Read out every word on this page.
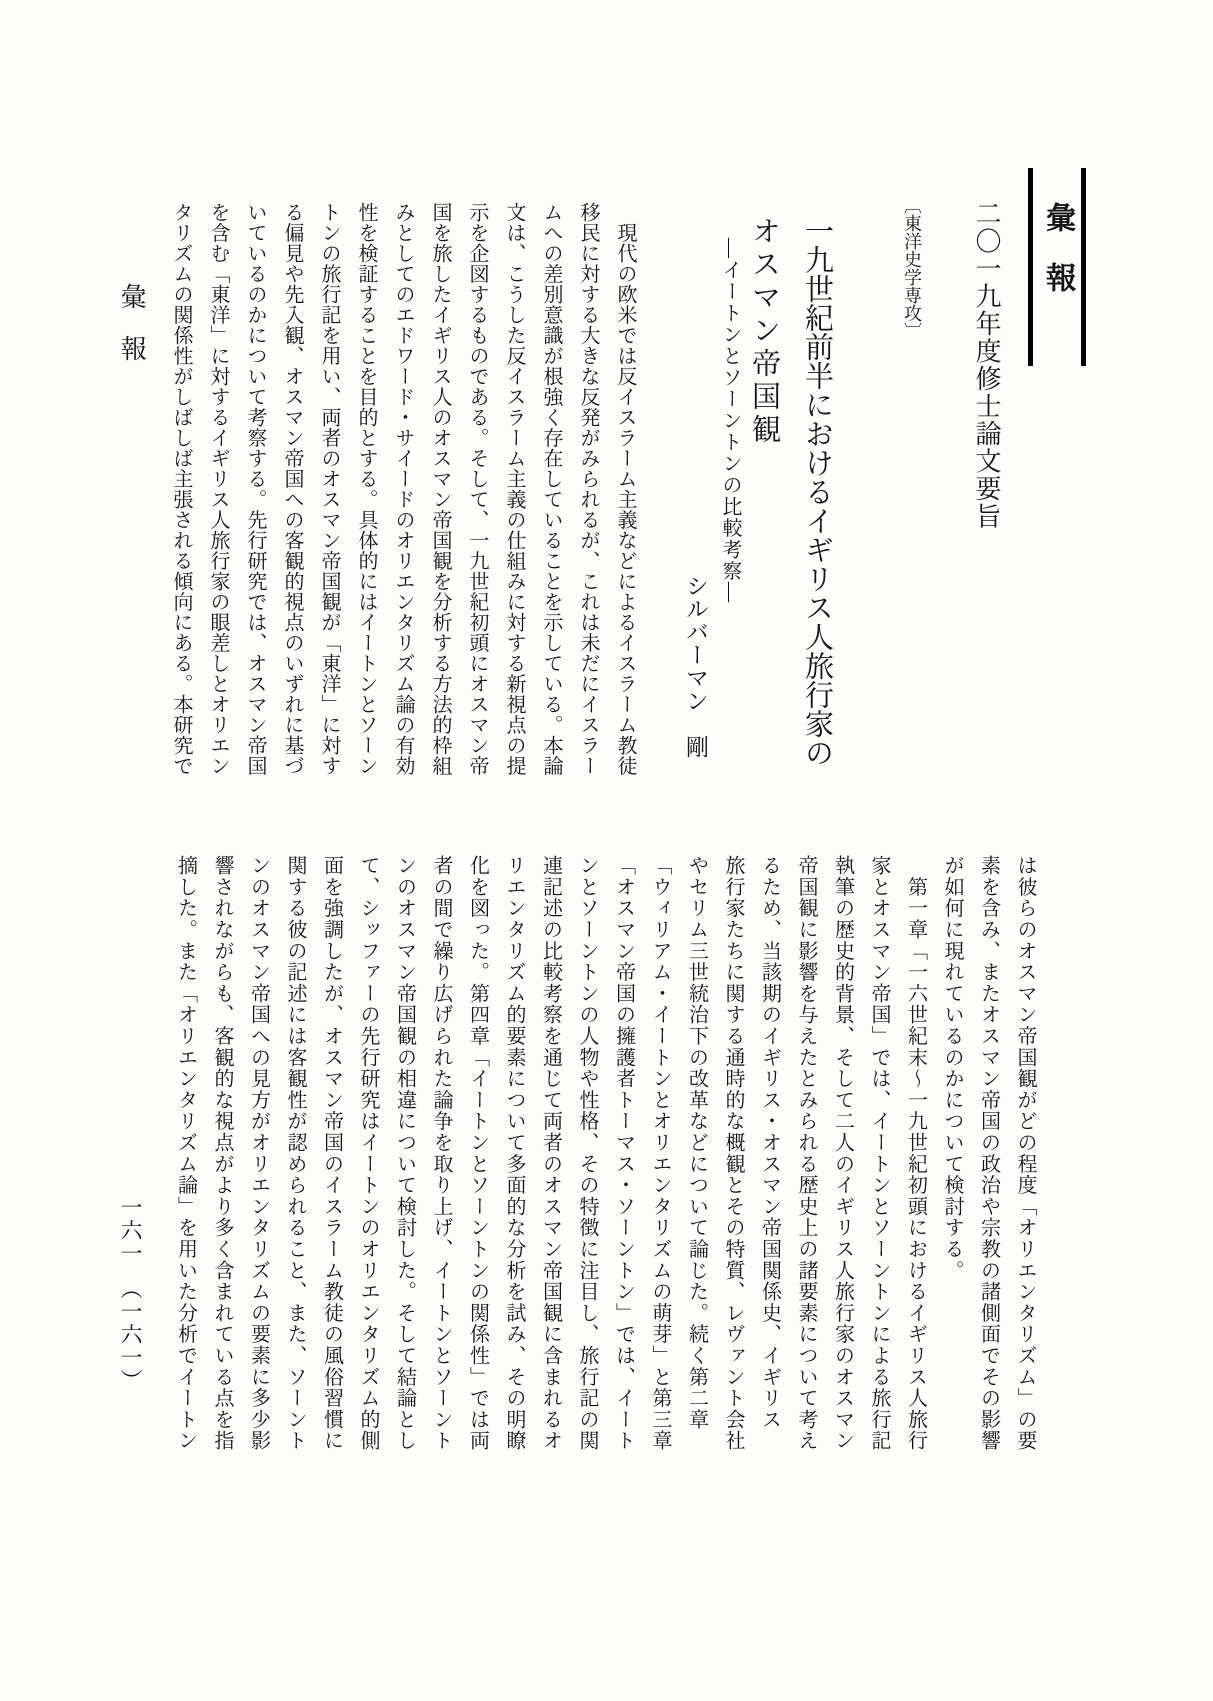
彙　報
二〇一九年度修士論文要旨
〔東洋史学専攻〕
一九世紀前半におけるイギリス人旅行家の
オスマン帝国観
―イートンとソーントンの比較考察―
シルバーマン　剛
　現代の欧米では反イスラーム主義などによるイスラーム教徒
移民に対する大きな反発がみられるが、これは未だにイスラー
ムへの差別意識が根強く存在していることを示している。本論
文は、こうした反イスラーム主義の仕組みに対する新視点の提
示を企図するものである。そして、一九世紀初頭にオスマン帝
国を旅したイギリス人のオスマン帝国観を分析する方法的枠組
みとしてのエドワード・サイードのオリエンタリズム論の有効
性を検証することを目的とする。具体的にはイートンとソーン
トンの旅行記を用い、両者のオスマン帝国観が「東洋」に対す
る偏見や先入観、オスマン帝国への客観的視点のいずれに基づ
いているのかについて考察する。先行研究では、オスマン帝国
を含む「東洋」に対するイギリス人旅行家の眼差しとオリエン
タリズムの関係性がしばしば主張される傾向にある。本研究で
は彼らのオスマン帝国観がどの程度「オリエンタリズム」の要
素を含み、またオスマン帝国の政治や宗教の諸側面でその影響
が如何に現れているのかについて検討する。
　第一章「一六世紀末〜一九世紀初頭におけるイギリス人旅行
家とオスマン帝国」では、イートンとソーントンによる旅行記
執筆の歴史的背景、そして二人のイギリス人旅行家のオスマン
帝国観に影響を与えたとみられる歴史上の諸要素について考え
るため、当該期のイギリス・オスマン帝国関係史、イギリス
旅行家たちに関する通時的な概観とその特質、レヴァント会社
やセリム三世統治下の改革などについて論じた。続く第二章
「ウィリアム・イートンとオリエンタリズムの萌芽」と第三章
「オスマン帝国の擁護者トーマス・ソーントン」では、イート
ンとソーントンの人物や性格、その特徴に注目し、旅行記の関
連記述の比較考察を通じて両者のオスマン帝国観に含まれるオ
リエンタリズム的要素について多面的な分析を試み、その明瞭
化を図った。第四章「イートンとソーントンの関係性」では両
者の間で繰り広げられた論争を取り上げ、イートンとソーント
ンのオスマン帝国観の相違について検討した。そして結論とし
て、シッファーの先行研究はイートンのオリエンタリズム的側
面を強調したが、オスマン帝国のイスラーム教徒の風俗習慣に
関する彼の記述には客観性が認められること、また、ソーント
ンのオスマン帝国への見方がオリエンタリズムの要素に多少影
響されながらも、客観的な視点がより多く含まれている点を指
摘した。また「オリエンタリズム論」を用いた分析でイートン
彙　報
一六一　（一六一）
